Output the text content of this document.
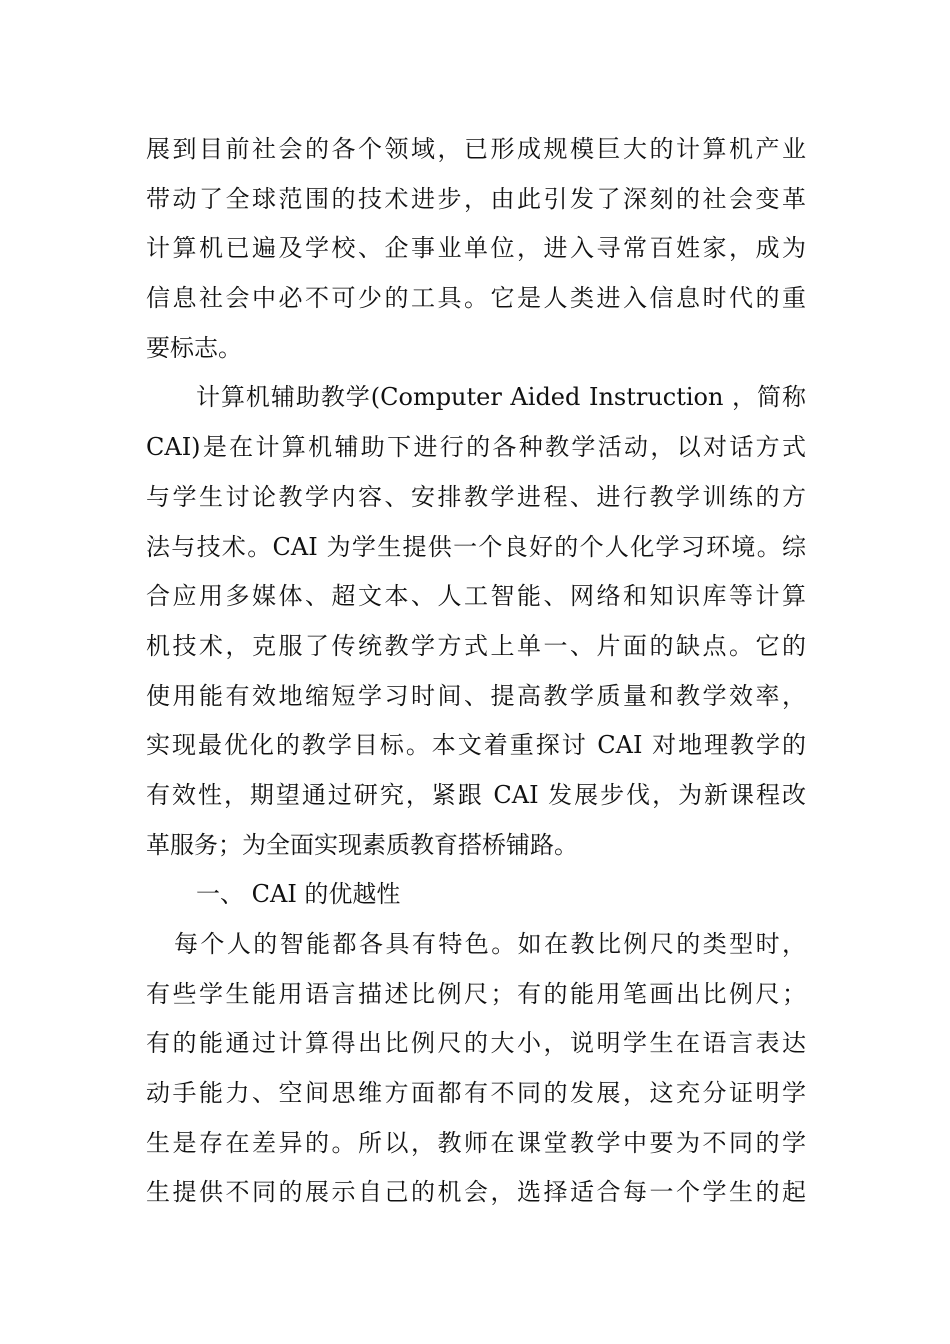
展到目前社会的各个领域，已形成规模巨大的计算机产业
带动了全球范围的技术进步，由此引发了深刻的社会变革
计算机已遍及学校、企事业单位，进入寻常百姓家，成为
信息社会中必不可少的工具。它是人类进入信息时代的重
要标志。
计算机辅助教学(Computer Aided Instruction ，简称
CAI)是在计算机辅助下进行的各种教学活动，以对话方式
与学生讨论教学内容、安排教学进程、进行教学训练的方
法与技术。CAI 为学生提供一个良好的个人化学习环境。综
合应用多媒体、超文本、人工智能、网络和知识库等计算
机技术，克服了传统教学方式上单一、片面的缺点。它的
使用能有效地缩短学习时间、提高教学质量和教学效率，
实现最优化的教学目标。本文着重探讨 CAI 对地理教学的
有效性，期望通过研究，紧跟 CAI 发展步伐，为新课程改
革服务；为全面实现素质教育搭桥铺路。
一、 CAI 的优越性
每个人的智能都各具有特色。如在教比例尺的类型时，
有些学生能用语言描述比例尺；有的能用笔画出比例尺；
有的能通过计算得出比例尺的大小，说明学生在语言表达
动手能力、空间思维方面都有不同的发展，这充分证明学
生是存在差异的。所以，教师在课堂教学中要为不同的学
生提供不同的展示自己的机会，选择适合每一个学生的起
